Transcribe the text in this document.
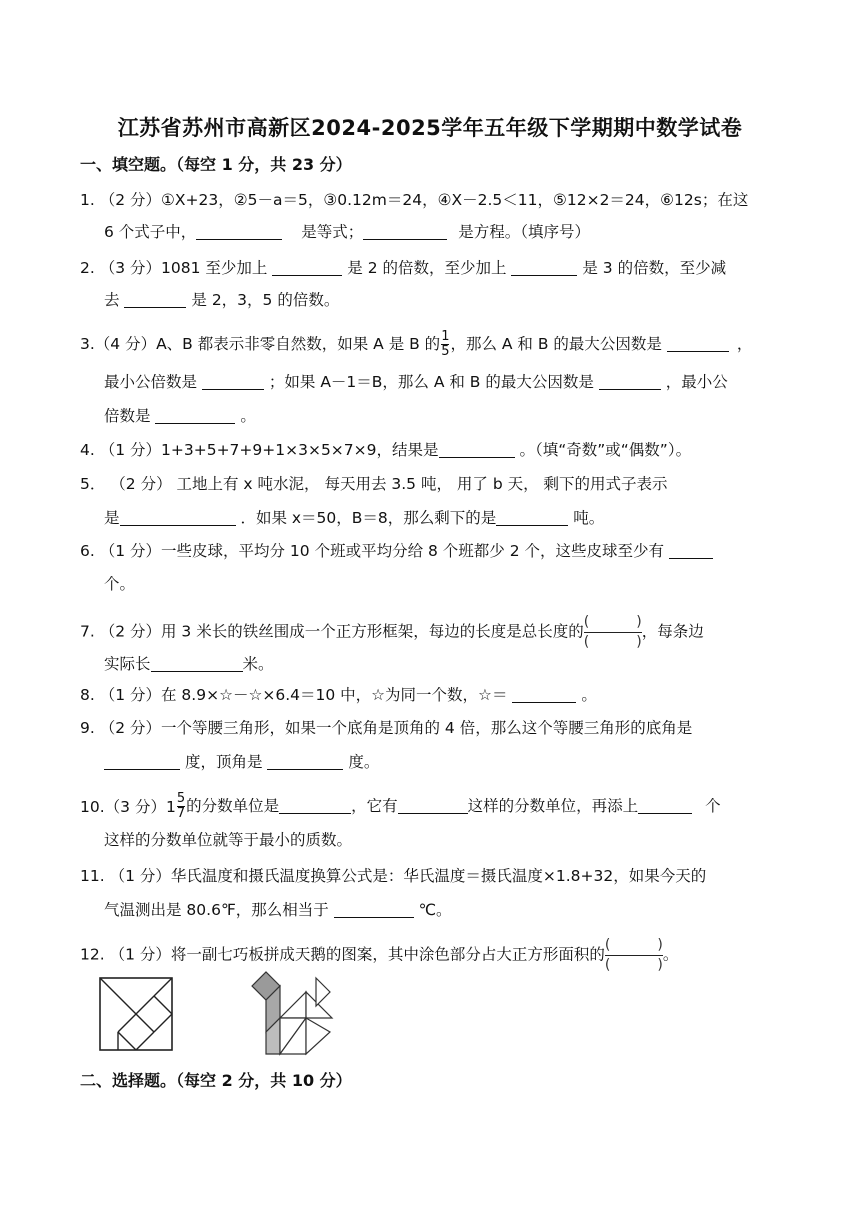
江苏省苏州市高新区2024-2025学年五年级下学期期中数学试卷
一、填空题。（每空 1 分，共 23 分）
1. （2 分）①X+23，②5－a＝5，③0.12m＝24，④X－2.5＜11，⑤12×2＝24，⑥12s；在这
6 个式子中，	是等式；	是方程。（填序号）
2. （3 分）1081 至少加上	是 2 的倍数，至少加上	是 3 的倍数，至少减
去	是 2，3，5 的倍数。
3.（4 分）A、B 都表示非零自然数，如果 A 是 B 的 $\frac{1}{5}$ ，那么 A 和 B 的最大公因数是	，
最小公倍数是	；如果 A－1＝B，那么 A 和 B 的最大公因数是	，最小公
倍数是	。
4. （1 分）1+3+5+7+9+1×3×5×7×9，结果是	。（填“奇数”或“偶数”）。
5． （2 分） 工地上有 x 吨水泥， 每天用去 3.5 吨， 用了 b 天， 剩下的用式子表示
是	．如果 x＝50，B＝8，那么剩下的是	吨。
6. （1 分）一些皮球，平均分 10 个班或平均分给 8 个班都少 2 个，这些皮球至少有
个。
7. （2 分）用 3 米长的铁丝围成一个正方形框架，每边的长度是总长度的
(	)
(	)
，每条边
实际长	米。
8. （1 分）在 8.9×☆－☆×6.4＝10 中，☆为同一个数，☆＝	。
9. （2 分）一个等腰三角形，如果一个底角是顶角的 4 倍，那么这个等腰三角形的底角是
度，顶角是	度。
10.（3 分）$1 \frac{5}{7}$ 的分数单位是	，它有	这样的分数单位，再添上	个
这样的分数单位就等于最小的质数。
11. （1 分）华氏温度和摄氏温度换算公式是：华氏温度＝摄氏温度×1.8+32，如果今天的
气温测出是 80.6℉，那么相当于	℃。
12. （1 分）将一副七巧板拼成天鹅的图案，其中涂色部分占大正方形面积的
(	)
(	)
。
二、选择题。（每空 2 分，共 10 分）
